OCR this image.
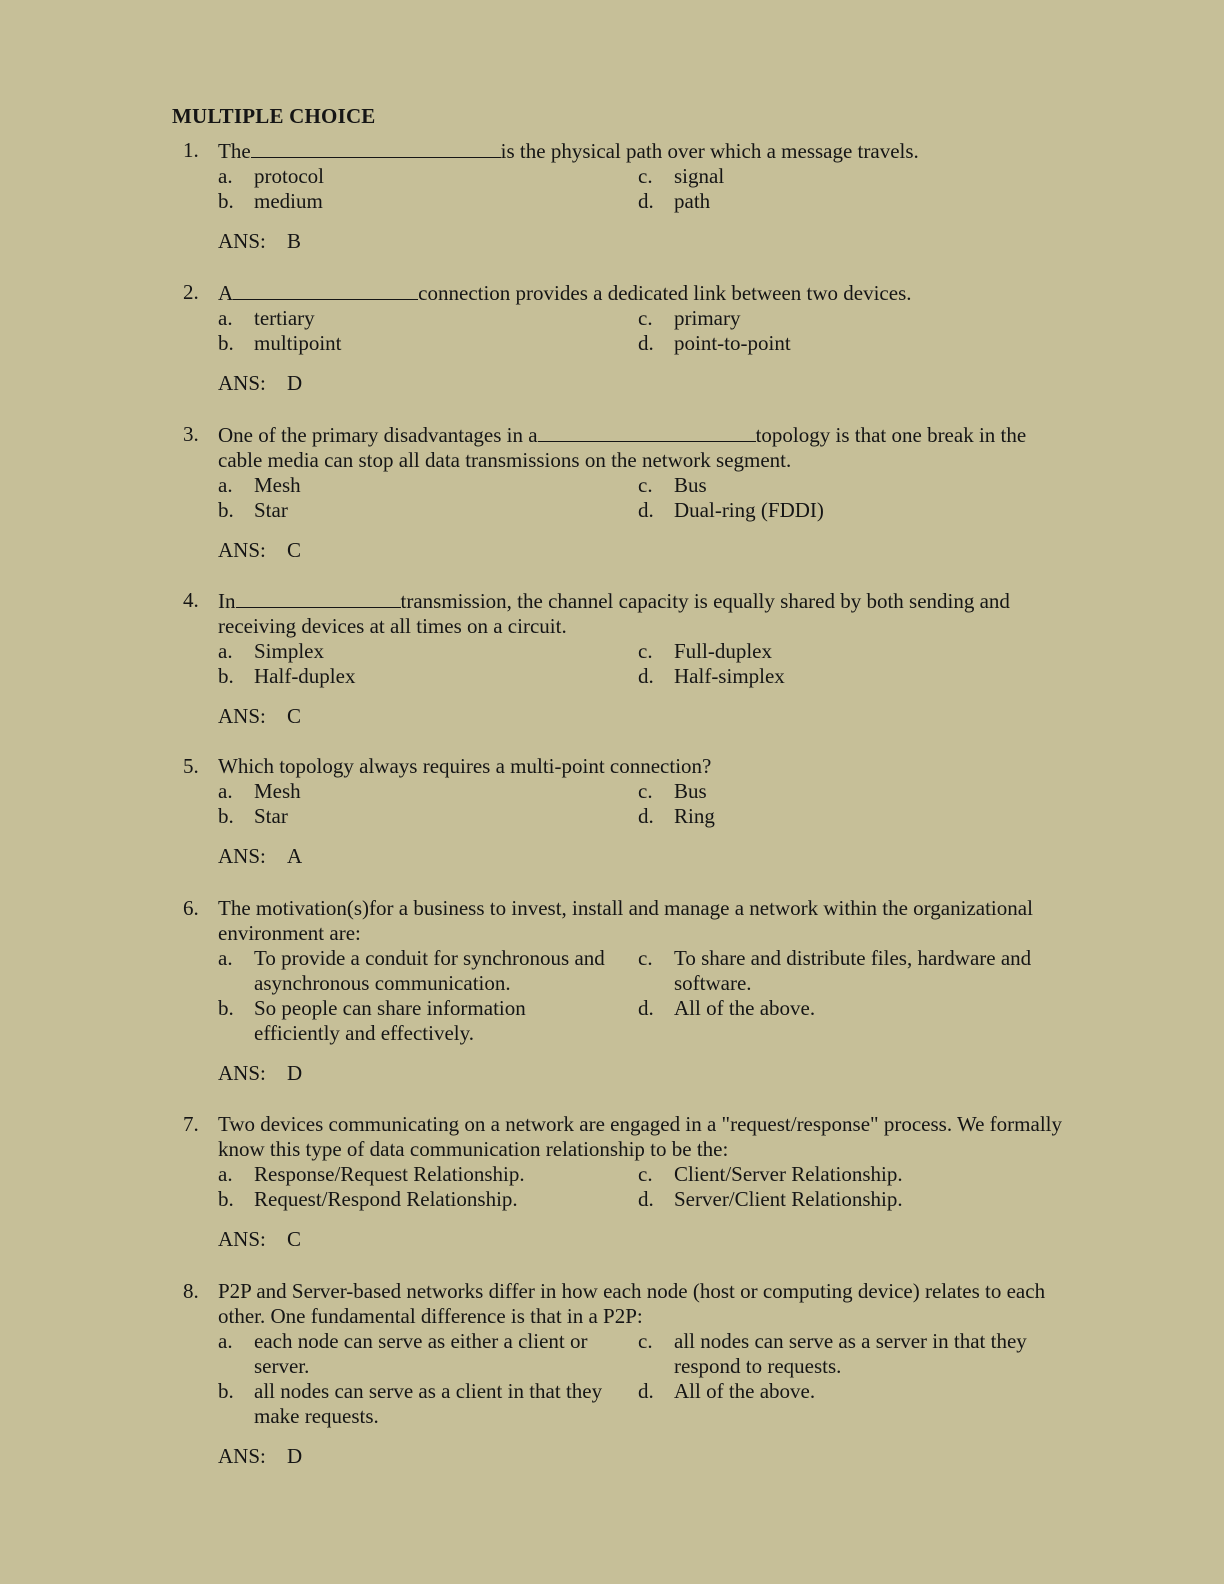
MULTIPLE CHOICE
1. The	is the physical path over which a message travels.
a.	protocol	c.	signal
b. medium	d. path
ANS: B
2. A	connection provides a dedicated link between two devices.
a.	tertiary	c.	primary
b. multipoint	d. point-to-point
ANS: D
3. One of the primary disadvantages in a	topology is that one break in the cable media can stop all data transmissions on the network segment.
a.	Mesh	c.	Bus
b. Star	d. Dual-ring (FDDI)
ANS: C
4. In	transmission, the channel capacity is equally shared by both sending and receiving devices at all times on a circuit.
a.	Simplex	c.	Full-duplex
b. Half-duplex	d. Half-simplex
ANS: C
5. Which topology always requires a multi-point connection?
a.	Mesh	c.	Bus
b. Star	d. Ring
ANS: A
6. The motivation(s)for a business to invest, install and manage a network within the organizational environment are:
a.	To provide a conduit for synchronous and asynchronous communication.
c.	To share and distribute files, hardware and software.
b. So people can share information efficiently and effectively.
d. All of the above.
ANS: D
7. Two devices communicating on a network are engaged in a "request/response" process. We formally know this type of data communication relationship to be the:
a.	Response/Request Relationship.	c.	Client/Server Relationship.
b. Request/Respond Relationship.	d. Server/Client Relationship.
ANS: C
8. P2P and Server-based networks differ in how each node (host or computing device) relates to each other. One fundamental difference is that in a P2P:
a.	each node can serve as either a client or server.
c.	all nodes can serve as a server in that they respond to requests.
b. all nodes can serve as a client in that they make requests.
d. All of the above.
ANS: D
